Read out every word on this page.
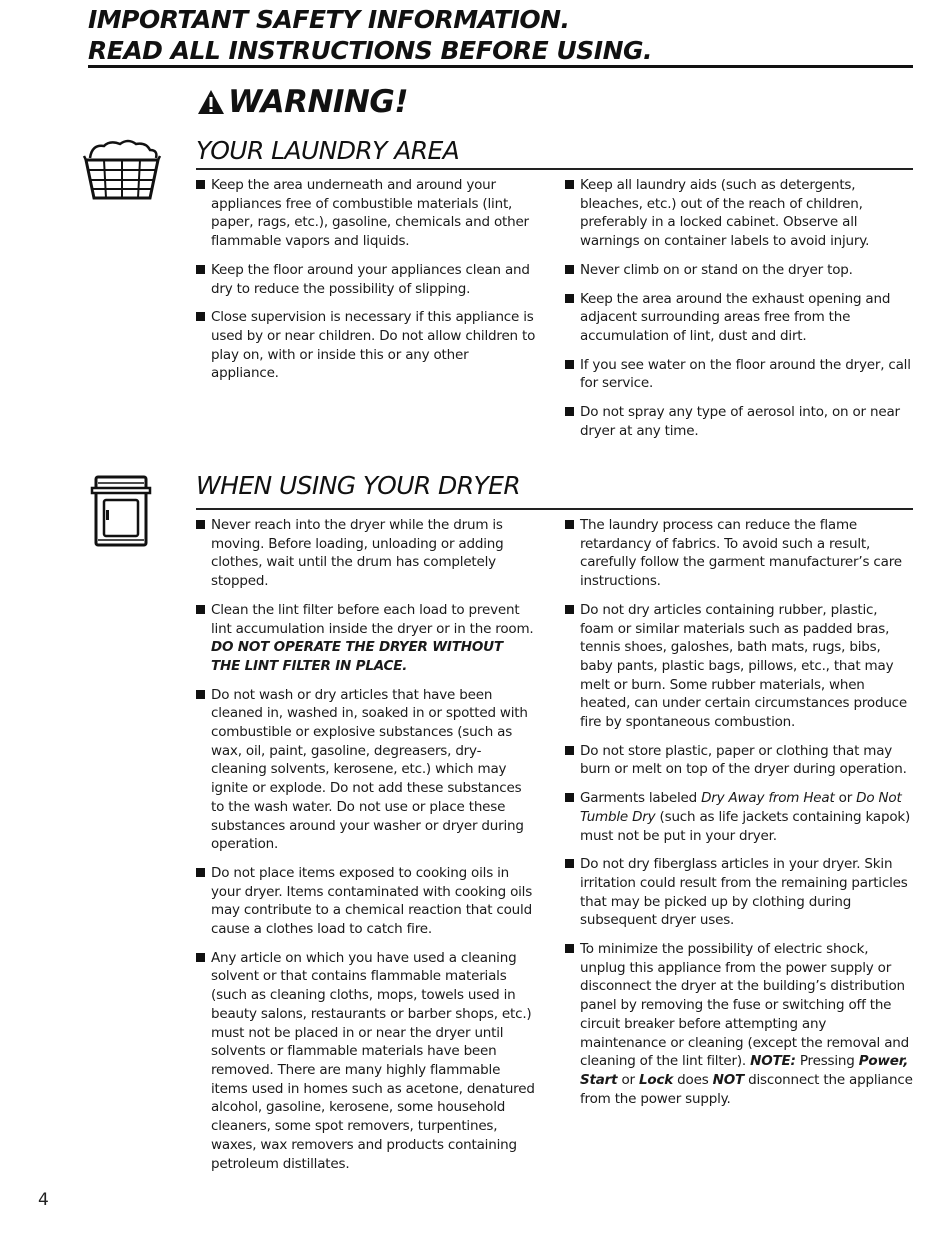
IMPORTANT SAFETY INFORMATION.
READ ALL INSTRUCTIONS BEFORE USING.
WARNING!
YOUR LAUNDRY AREA
Keep the area underneath and around your appliances free of combustible materials (lint, paper, rags, etc.), gasoline, chemicals and other flammable vapors and liquids.
Keep the floor around your appliances clean and dry to reduce the possibility of slipping.
Close supervision is necessary if this appliance is used by or near children. Do not allow children to play on, with or inside this or any other appliance.
Keep all laundry aids (such as detergents, bleaches, etc.) out of the reach of children, preferably in a locked cabinet. Observe all warnings on container labels to avoid injury.
Never climb on or stand on the dryer top.
Keep the area around the exhaust opening and adjacent surrounding areas free from the accumulation of lint, dust and dirt.
If you see water on the floor around the dryer, call for service.
Do not spray any type of aerosol into, on or near dryer at any time.
WHEN USING YOUR DRYER
Never reach into the dryer while the drum is moving. Before loading, unloading or adding clothes, wait until the drum has completely stopped.
Clean the lint filter before each load to prevent lint accumulation inside the dryer or in the room.
DO NOT OPERATE THE DRYER WITHOUT THE LINT FILTER IN PLACE.
Do not wash or dry articles that have been cleaned in, washed in, soaked in or spotted with combustible or explosive substances (such as wax, oil, paint, gasoline, degreasers, dry-cleaning solvents, kerosene, etc.) which may ignite or explode. Do not add these substances to the wash water. Do not use or place these substances around your washer or dryer during operation.
Do not place items exposed to cooking oils in your dryer. Items contaminated with cooking oils may contribute to a chemical reaction that could cause a clothes load to catch fire.
Any article on which you have used a cleaning solvent or that contains flammable materials (such as cleaning cloths, mops, towels used in beauty salons, restaurants or barber shops, etc.) must not be placed in or near the dryer until solvents or flammable materials have been removed. There are many highly flammable items used in homes such as acetone, denatured alcohol, gasoline, kerosene, some household cleaners, some spot removers, turpentines, waxes, wax removers and products containing petroleum distillates.
The laundry process can reduce the flame retardancy of fabrics. To avoid such a result, carefully follow the garment manufacturer’s care instructions.
Do not dry articles containing rubber, plastic, foam or similar materials such as padded bras, tennis shoes, galoshes, bath mats, rugs, bibs, baby pants, plastic bags, pillows, etc., that may melt or burn. Some rubber materials, when heated, can under certain circumstances produce fire by spontaneous combustion.
Do not store plastic, paper or clothing that may burn or melt on top of the dryer during operation.
Garments labeled Dry Away from Heat or Do Not Tumble Dry (such as life jackets containing kapok) must not be put in your dryer.
Do not dry fiberglass articles in your dryer. Skin irritation could result from the remaining particles that may be picked up by clothing during subsequent dryer uses.
To minimize the possibility of electric shock, unplug this appliance from the power supply or disconnect the dryer at the building’s distribution panel by removing the fuse or switching off the circuit breaker before attempting any maintenance or cleaning (except the removal and cleaning of the lint filter). NOTE: Pressing Power, Start or Lock does NOT disconnect the appliance from the power supply.
4
